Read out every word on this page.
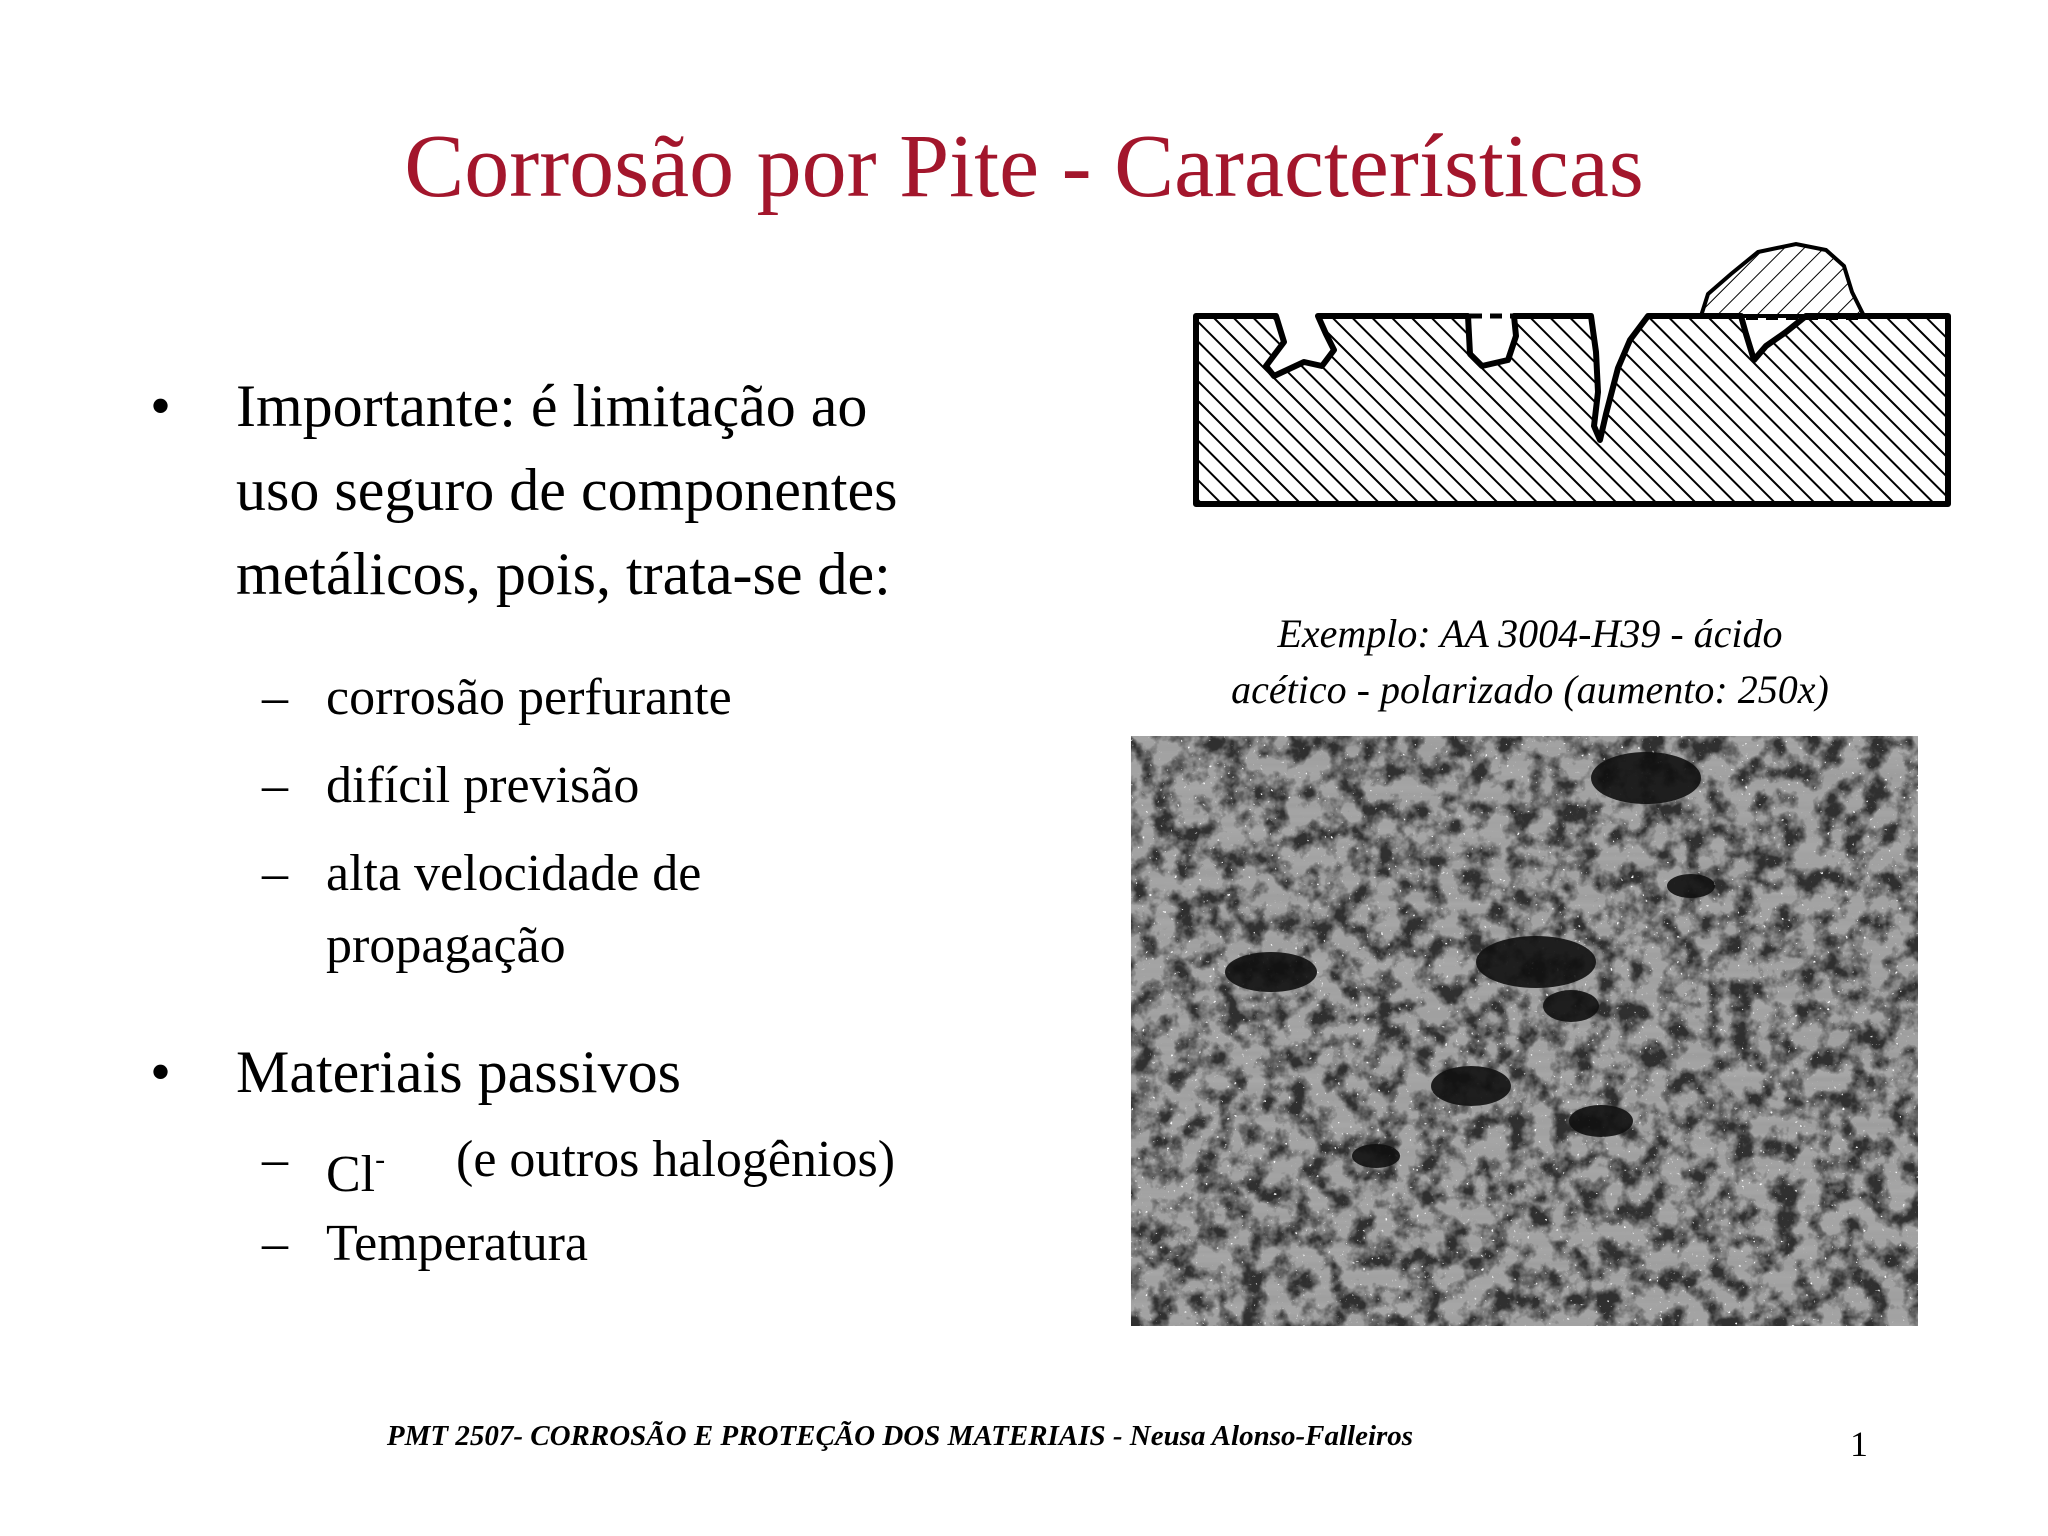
Corrosão por Pite - Características
• Importante: é limitação ao
uso seguro de componentes
metálicos, pois, trata-se de:
– corrosão perfurante
– difícil previsão
– alta velocidade de
propagação
• Materiais passivos
– Cl- (e outros halogênios)
– Temperatura
Exemplo: AA 3004-H39 - ácido
acético - polarizado (aumento: 250x)
PMT 2507- CORROSÃO E PROTEÇÃO DOS MATERIAIS - Neusa Alonso-Falleiros	1
